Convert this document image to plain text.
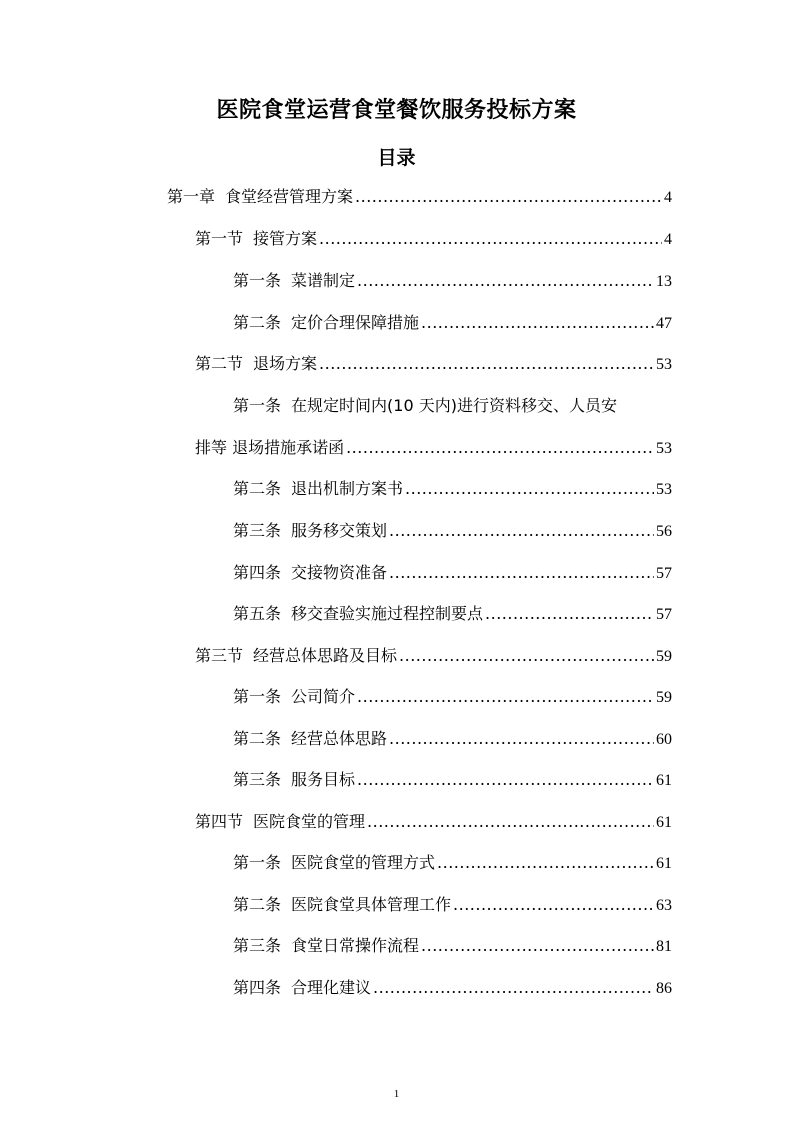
医院食堂运营食堂餐饮服务投标方案
目录
第一章 食堂经营管理方案 .....	4
第一节 接管方案 .....	4
第一条 菜谱制定 .....	13
第二条 定价合理保障措施 .....	47
第二节 退场方案 .....	53
第一条 在规定时间内(10 天内)进行资料移交、人员安
排等 退场措施承诺函 .....	53
第二条 退出机制方案书 .....	53
第三条 服务移交策划 .....	56
第四条 交接物资准备 .....	57
第五条 移交查验实施过程控制要点 .....	57
第三节 经营总体思路及目标 .....	59
第一条 公司简介 .....	59
第二条 经营总体思路 .....	60
第三条 服务目标 .....	61
第四节 医院食堂的管理 .....	61
第一条 医院食堂的管理方式 .....	61
第二条 医院食堂具体管理工作 .....	63
第三条 食堂日常操作流程 .....	81
第四条 合理化建议 .....	86
1
